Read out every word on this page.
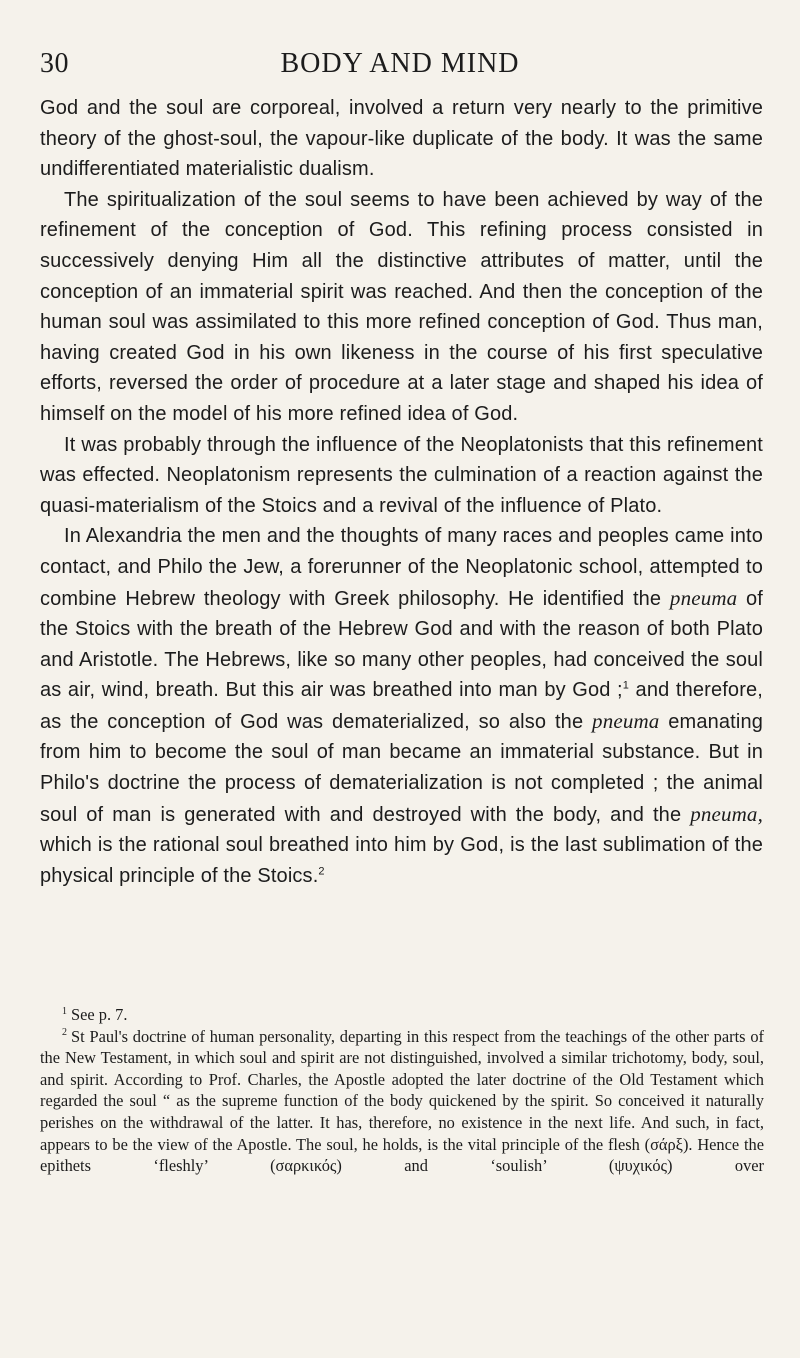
30	BODY AND MIND

God and the soul are corporeal, involved a return very nearly to the primitive theory of the ghost-soul, the vapour-like duplicate of the body. It was the same undifferentiated materialistic dualism.

The spiritualization of the soul seems to have been achieved by way of the refinement of the conception of God. This refining process consisted in successively denying Him all the distinctive attributes of matter, until the conception of an immaterial spirit was reached. And then the conception of the human soul was assimilated to this more refined conception of God. Thus man, having created God in his own likeness in the course of his first speculative efforts, reversed the order of procedure at a later stage and shaped his idea of himself on the model of his more refined idea of God.

It was probably through the influence of the Neoplatonists that this refinement was effected. Neoplatonism represents the culmination of a reaction against the quasi-materialism of the Stoics and a revival of the influence of Plato.

In Alexandria the men and the thoughts of many races and peoples came into contact, and Philo the Jew, a forerunner of the Neoplatonic school, attempted to combine Hebrew theology with Greek philosophy. He identified the pneuma of the Stoics with the breath of the Hebrew God and with the reason of both Plato and Aristotle. The Hebrews, like so many other peoples, had conceived the soul as air, wind, breath. But this air was breathed into man by God ;$^1$ and therefore, as the conception of God was dematerialized, so also the pneuma emanating from him to become the soul of man became an immaterial substance. But in Philo's doctrine the process of dematerialization is not completed ; the animal soul of man is generated with and destroyed with the body, and the pneuma, which is the rational soul breathed into him by God, is the last sublimation of the physical principle of the Stoics.$^2$

$^1$ See p. 7.

$^2$ St Paul's doctrine of human personality, departing in this respect from the teachings of the other parts of the New Testament, in which soul and spirit are not distinguished, involved a similar trichotomy, body, soul, and spirit. According to Prof. Charles, the Apostle adopted the later doctrine of the Old Testament which regarded the soul “ as the supreme function of the body quickened by the spirit. So conceived it naturally perishes on the withdrawal of the latter. It has, therefore, no existence in the next life. And such, in fact, appears to be the view of the Apostle. The soul, he holds, is the vital principle of the flesh (σάρξ). Hence the epithets ‘fleshly’ (σαρκικός) and ‘soulish’ (ψυχικός) over
